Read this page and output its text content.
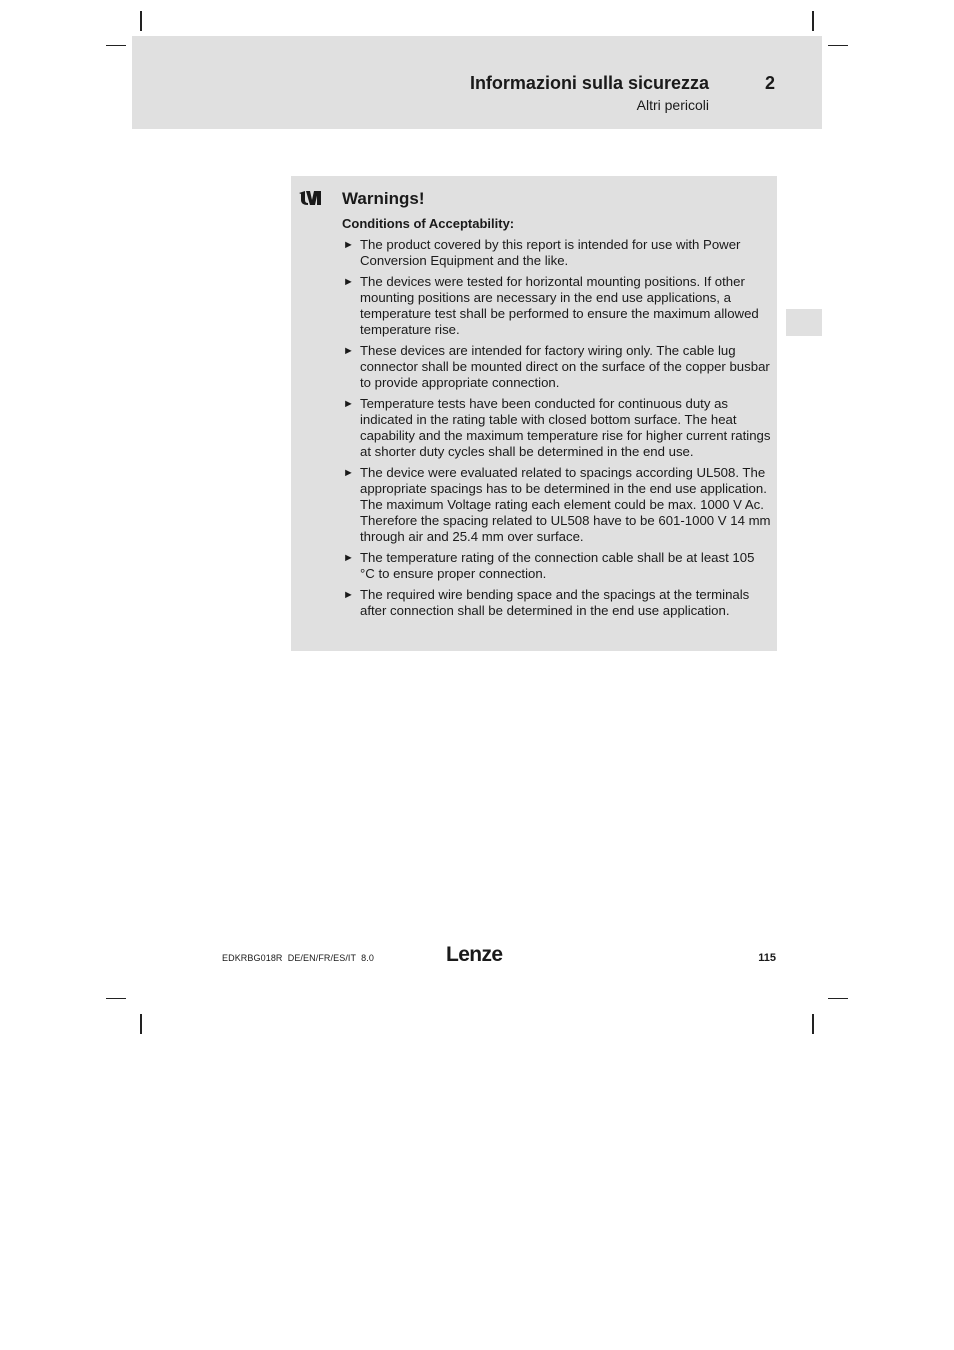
Informazioni sulla sicurezza	2
Altri pericoli
Warnings!
Conditions of Acceptability:
► The product covered by this report is intended for use with Power Conversion Equipment and the like.
► The devices were tested for horizontal mounting positions. If other mounting positions are necessary in the end use applications, a temperature test shall be performed to ensure the maximum allowed temperature rise.
► These devices are intended for factory wiring only. The cable lug connector shall be mounted direct on the surface of the copper busbar to provide appropriate connection.
► Temperature tests have been conducted for continuous duty as indicated in the rating table with closed bottom surface. The heat capability and the maximum temperature rise for higher current ratings at shorter duty cycles shall be determined in the end use.
► The device were evaluated related to spacings according UL508. The appropriate spacings has to be determined in the end use application. The maximum Voltage rating each element could be max. 1000 V Ac. Therefore the spacing related to UL508 have to be 601-1000 V 14 mm through air and 25.4 mm over surface.
► The temperature rating of the connection cable shall be at least 105 °C to ensure proper connection.
► The required wire bending space and the spacings at the terminals after connection shall be determined in the end use application.
EDKRBG018R  DE/EN/FR/ES/IT  8.0	Lenze	115
